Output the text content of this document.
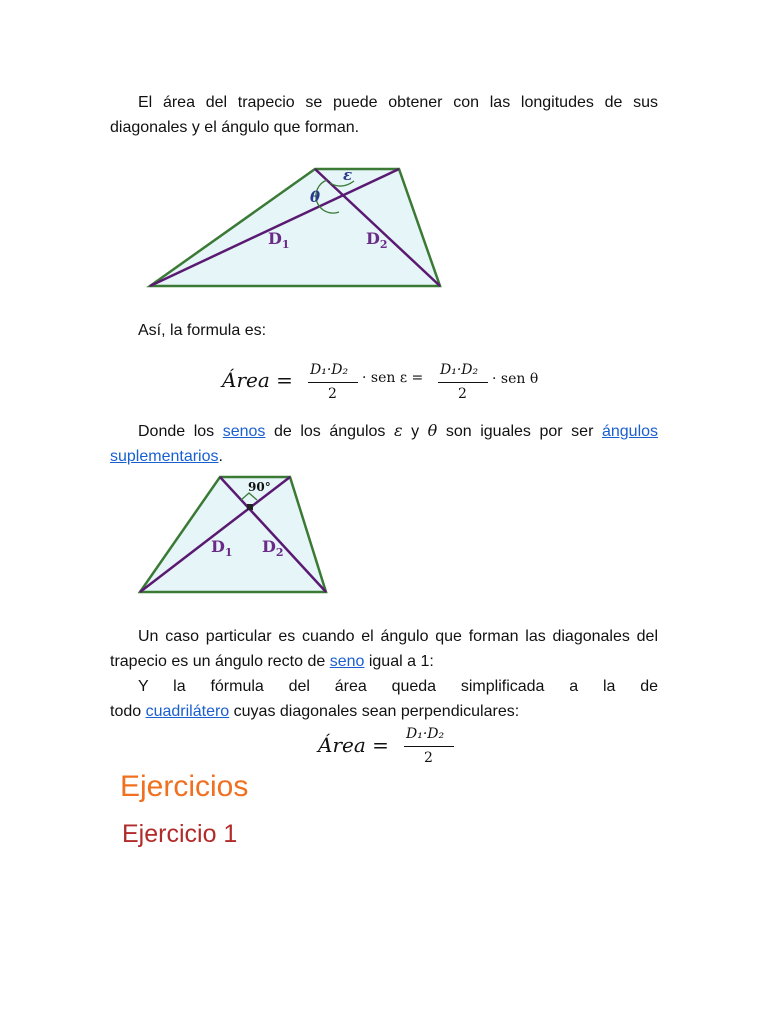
El área del trapecio se puede obtener con las longitudes de sus diagonales y el ángulo que forman.

ε
θ
$D_1$	$D_2$

Así, la formula es:

Área = D₁·D₂
2
· sen ε = D₁·D₂
2
· sen θ

Donde los senos de los ángulos ε y θ son iguales por ser ángulos suplementarios.

90°
$D_1$ $D_2$

Un caso particular es cuando el ángulo que forman las diagonales del trapecio es un ángulo recto de seno igual a 1:

Y la fórmula del área queda simplificada a la de

todo cuadrilátero cuyas diagonales sean perpendiculares:

Área = D₁·D₂
2
Ejercicios
Ejercicio 1
